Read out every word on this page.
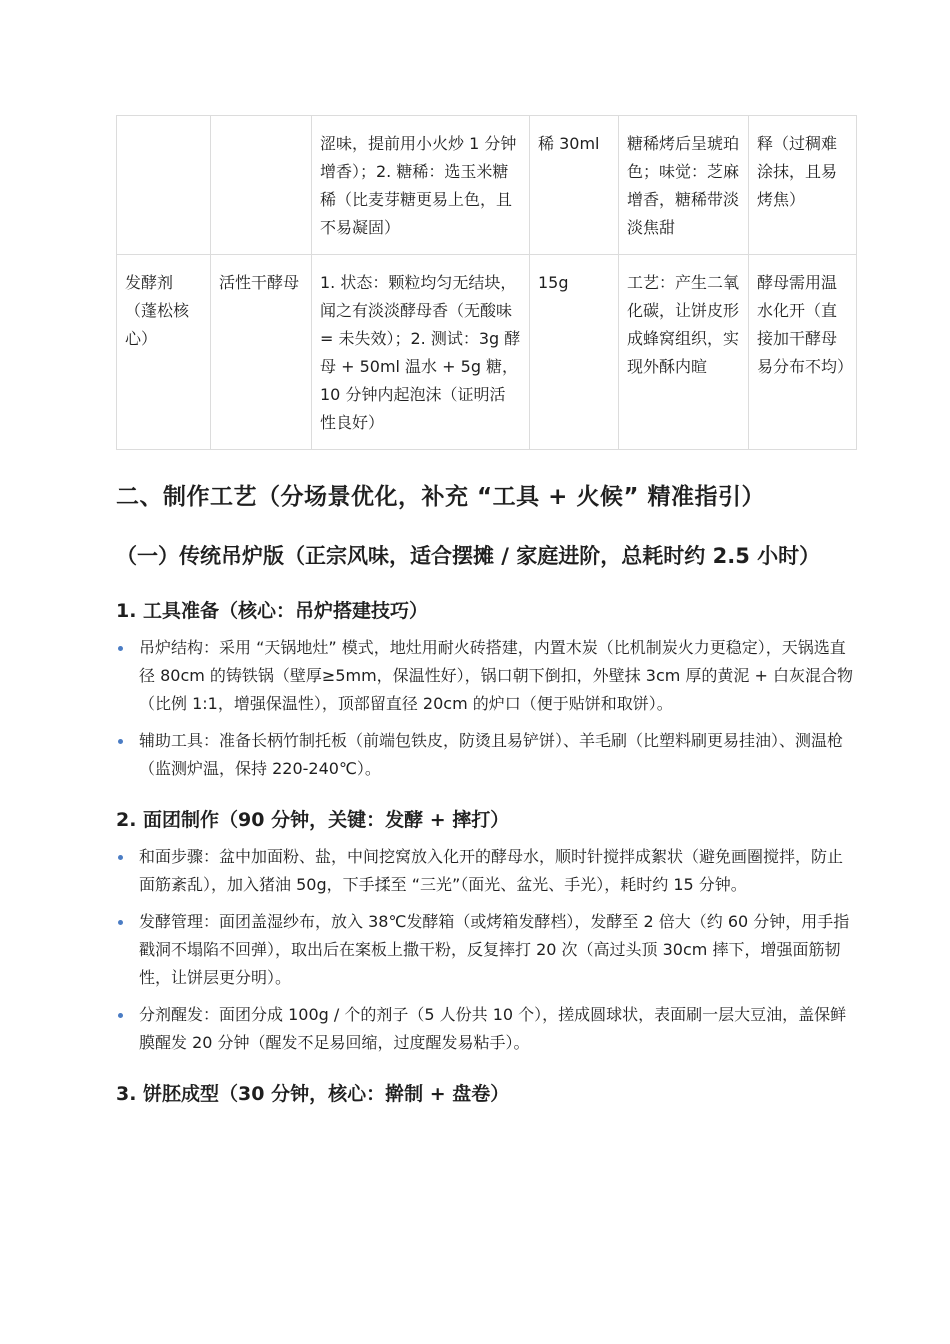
		涩味，提前用小火炒 1 分钟增香）；2. 糖稀：选玉米糖稀（比麦芽糖更易上色，且不易凝固）	稀 30ml	糖稀烤后呈琥珀色；味觉：芝麻增香，糖稀带淡淡焦甜	释（过稠难涂抹，且易烤焦）
发酵剂（蓬松核心）	活性干酵母	1. 状态：颗粒均匀无结块，闻之有淡淡酵母香（无酸味 = 未失效）；2. 测试：3g 酵母 + 50ml 温水 + 5g 糖，10 分钟内起泡沫（证明活性良好）	15g	工艺：产生二氧化碳，让饼皮形成蜂窝组织，实现外酥内暄	酵母需用温水化开（直接加干酵母易分布不均）
二、制作工艺（分场景优化，补充 “工具 + 火候” 精准指引）
（一）传统吊炉版（正宗风味，适合摆摊 / 家庭进阶，总耗时约 2.5 小时）
1. 工具准备（核心：吊炉搭建技巧）
吊炉结构：采用 “天锅地灶” 模式，地灶用耐火砖搭建，内置木炭（比机制炭火力更稳定），天锅选直径 80cm 的铸铁锅（壁厚≥5mm，保温性好），锅口朝下倒扣，外壁抹 3cm 厚的黄泥 + 白灰混合物（比例 1:1，增强保温性），顶部留直径 20cm 的炉口（便于贴饼和取饼）。
辅助工具：准备长柄竹制托板（前端包铁皮，防烫且易铲饼）、羊毛刷（比塑料刷更易挂油）、测温枪（监测炉温，保持 220-240℃）。
2. 面团制作（90 分钟，关键：发酵 + 摔打）
和面步骤：盆中加面粉、盐，中间挖窝放入化开的酵母水，顺时针搅拌成絮状（避免画圈搅拌，防止面筋紊乱），加入猪油 50g，下手揉至 “三光”（面光、盆光、手光），耗时约 15 分钟。
发酵管理：面团盖湿纱布，放入 38℃发酵箱（或烤箱发酵档），发酵至 2 倍大（约 60 分钟，用手指戳洞不塌陷不回弹），取出后在案板上撒干粉，反复摔打 20 次（高过头顶 30cm 摔下，增强面筋韧性，让饼层更分明）。
分剂醒发：面团分成 100g / 个的剂子（5 人份共 10 个），搓成圆球状，表面刷一层大豆油，盖保鲜膜醒发 20 分钟（醒发不足易回缩，过度醒发易粘手）。
3. 饼胚成型（30 分钟，核心：擀制 + 盘卷）
